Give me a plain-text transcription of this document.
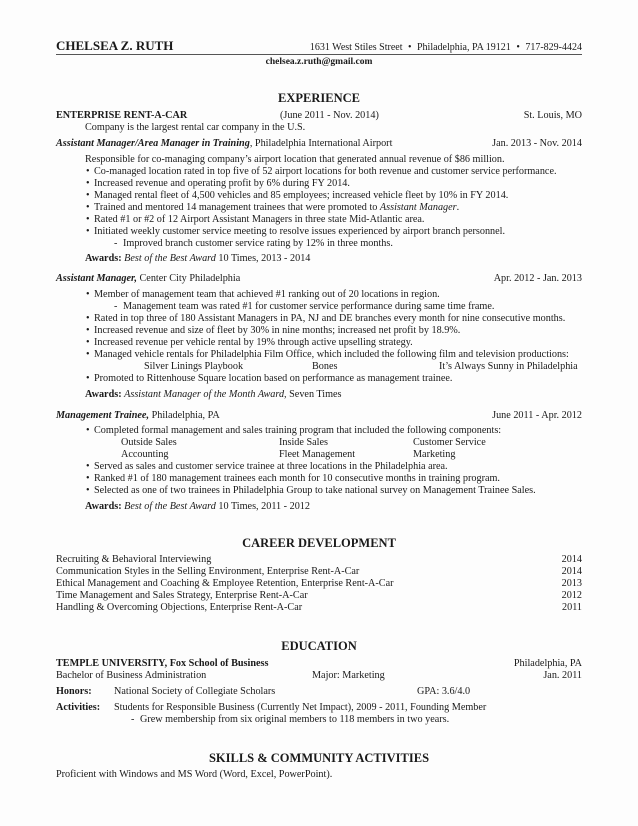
CHELSEA Z. RUTH	1631 West Stiles Street • Philadelphia, PA 19121 • 717-829-4424
chelsea.z.ruth@gmail.com
EXPERIENCE
ENTERPRISE RENT-A-CAR	(June 2011 - Nov. 2014)	St. Louis, MO
Company is the largest rental car company in the U.S.
Assistant Manager/Area Manager in Training, Philadelphia International Airport	Jan. 2013 - Nov. 2014
Responsible for co-managing company’s airport location that generated annual revenue of $86 million.
• Co-managed location rated in top five of 52 airport locations for both revenue and customer service performance.
• Increased revenue and operating profit by 6% during FY 2014.
• Managed rental fleet of 4,500 vehicles and 85 employees; increased vehicle fleet by 10% in FY 2014.
• Trained and mentored 14 management trainees that were promoted to Assistant Manager.
• Rated #1 or #2 of 12 Airport Assistant Managers in three state Mid-Atlantic area.
• Initiated weekly customer service meeting to resolve issues experienced by airport branch personnel.
- Improved branch customer service rating by 12% in three months.
Awards: Best of the Best Award 10 Times, 2013 - 2014
Assistant Manager, Center City Philadelphia	Apr. 2012 - Jan. 2013
• Member of management team that achieved #1 ranking out of 20 locations in region.
- Management team was rated #1 for customer service performance during same time frame.
• Rated in top three of 180 Assistant Managers in PA, NJ and DE branches every month for nine consecutive months.
• Increased revenue and size of fleet by 30% in nine months; increased net profit by 18.9%.
• Increased revenue per vehicle rental by 19% through active upselling strategy.
• Managed vehicle rentals for Philadelphia Film Office, which included the following film and television productions:
Silver Linings Playbook	Bones	It’s Always Sunny in Philadelphia
• Promoted to Rittenhouse Square location based on performance as management trainee.
Awards: Assistant Manager of the Month Award, Seven Times
Management Trainee, Philadelphia, PA	June 2011 - Apr. 2012
• Completed formal management and sales training program that included the following components:
Outside Sales	Inside Sales	Customer Service
Accounting	Fleet Management	Marketing
• Served as sales and customer service trainee at three locations in the Philadelphia area.
• Ranked #1 of 180 management trainees each month for 10 consecutive months in training program.
• Selected as one of two trainees in Philadelphia Group to take national survey on Management Trainee Sales.
Awards: Best of the Best Award 10 Times, 2011 - 2012
CAREER DEVELOPMENT
Recruiting & Behavioral Interviewing	2014
Communication Styles in the Selling Environment, Enterprise Rent-A-Car	2014
Ethical Management and Coaching & Employee Retention, Enterprise Rent-A-Car	2013
Time Management and Sales Strategy, Enterprise Rent-A-Car	2012
Handling & Overcoming Objections, Enterprise Rent-A-Car	2011
EDUCATION
TEMPLE UNIVERSITY, Fox School of Business	Philadelphia, PA
Bachelor of Business Administration	Major: Marketing	Jan. 2011
Honors: National Society of Collegiate Scholars	GPA: 3.6/4.0
Activities: Students for Responsible Business (Currently Net Impact), 2009 - 2011, Founding Member
- Grew membership from six original members to 118 members in two years.
SKILLS & COMMUNITY ACTIVITIES
Proficient with Windows and MS Word (Word, Excel, PowerPoint).
